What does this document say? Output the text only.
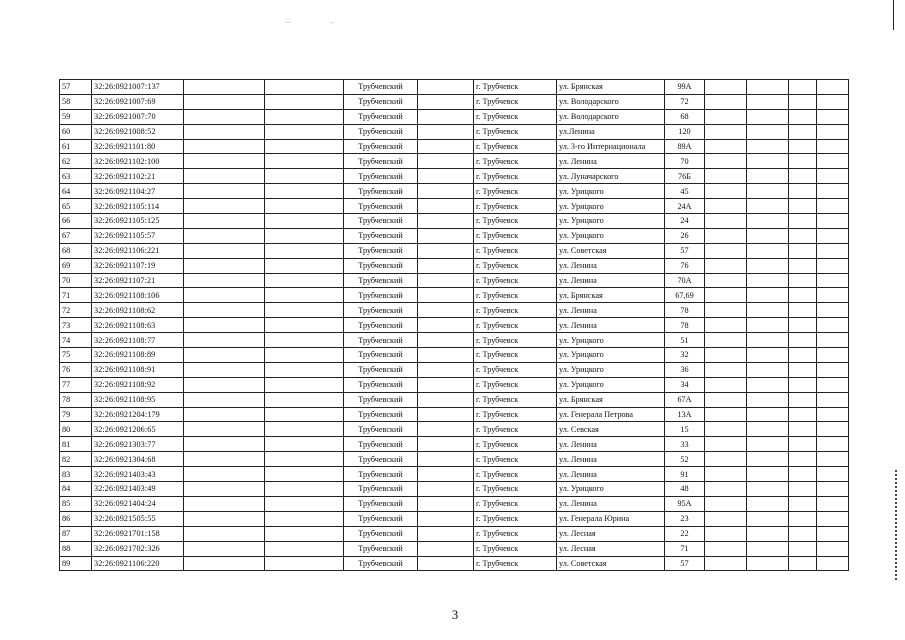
57	32:26:0921007:137			Трубчевский		г. Трубчевск	ул. Брянская	99А				
58	32:26:0921007:69			Трубчевский		г. Трубчевск	ул. Володарского	72				
59	32:26:0921007:70			Трубчевский		г. Трубчевск	ул. Володарского	68				
60	32:26:0921008:52			Трубчевский		г. Трубчевск	ул.Ленина	120				
61	32:26:0921101:80			Трубчевский		г. Трубчевск	ул. 3-го Интернационала	89А				
62	32:26:0921102:100			Трубчевский		г. Трубчевск	ул. Ленина	70				
63	32:26:0921102:21			Трубчевский		г. Трубчевск	ул. Луначарского	76Б				
64	32:26:0921104:27			Трубчевский		г. Трубчевск	ул. Урицкого	45				
65	32:26:0921105:114			Трубчевский		г. Трубчевск	ул. Урицкого	24А				
66	32:26:0921105:125			Трубчевский		г. Трубчевск	ул. Урицкого	24				
67	32:26:0921105:57			Трубчевский		г. Трубчевск	ул. Урицкого	26				
68	32:26:0921106:221			Трубчевский		г. Трубчевск	ул. Советская	57				
69	32:26:0921107:19			Трубчевский		г. Трубчевск	ул. Ленина	76				
70	32:26:0921107:21			Трубчевский		г. Трубчевск	ул. Ленина	70А				
71	32:26:0921108:106			Трубчевский		г. Трубчевск	ул. Брянская	67,69				
72	32:26:0921108:62			Трубчевский		г. Трубчевск	ул. Ленина	78				
73	32:26:0921108:63			Трубчевский		г. Трубчевск	ул. Ленина	78				
74	32:26:0921108:77			Трубчевский		г. Трубчевск	ул. Урицкого	51				
75	32:26:0921108:89			Трубчевский		г. Трубчевск	ул. Урицкого	32				
76	32:26:0921108:91			Трубчевский		г. Трубчевск	ул. Урицкого	36				
77	32:26:0921108:92			Трубчевский		г. Трубчевск	ул. Урицкого	34				
78	32:26:0921108:95			Трубчевский		г. Трубчевск	ул. Брянская	67А				
79	32:26:0921204:179			Трубчевский		г. Трубчевск	ул. Генерала Петрова	13А				
80	32:26:0921206:65			Трубчевский		г. Трубчевск	ул. Севская	15				
81	32:26:0921303:77			Трубчевский		г. Трубчевск	ул. Ленина	33				
82	32:26:0921304:68			Трубчевский		г. Трубчевск	ул. Ленина	52				
83	32:26:0921403:43			Трубчевский		г. Трубчевск	ул. Ленина	91				
84	32:26:0921403:49			Трубчевский		г. Трубчевск	ул. Урицкого	48				
85	32:26:0921404:24			Трубчевский		г. Трубчевск	ул. Ленина	95А				
86	32:26:0921505:55			Трубчевский		г. Трубчевск	ул. Генерала Юрина	23				
87	32:26:0921701:158			Трубчевский		г. Трубчевск	ул. Лесная	22				
88	32:26:0921702:326			Трубчевский		г. Трубчевск	ул. Лесная	71				
89	32:26:0921106:220			Трубчевский		г. Трубчевск	ул. Советская	57				
3
